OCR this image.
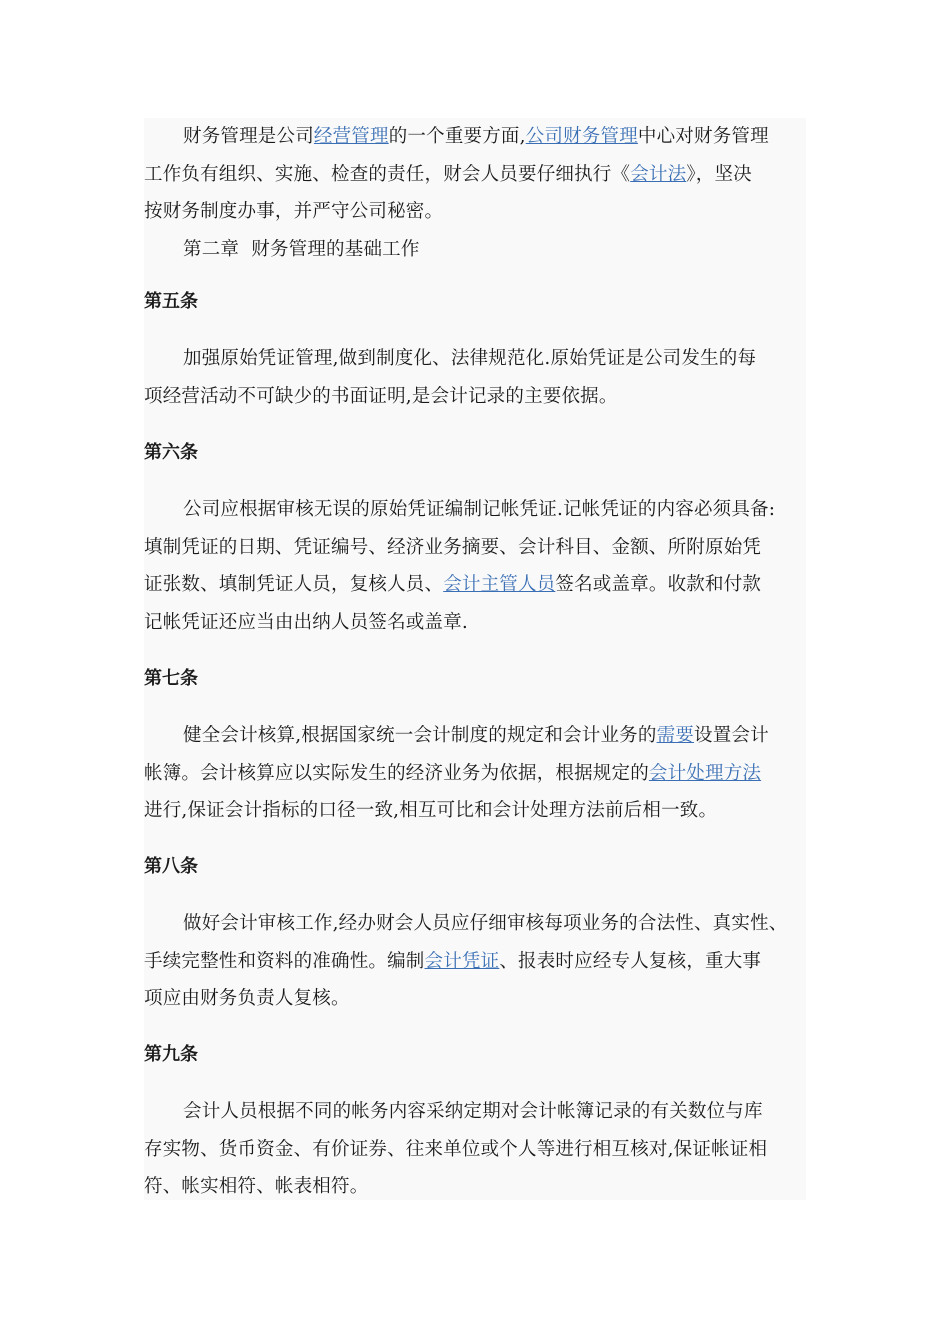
财务管理是公司经营管理的一个重要方面,公司财务管理中心对财务管理
工作负有组织、实施、检查的责任，财会人员要仔细执行《会计法》，坚决
按财务制度办事，并严守公司秘密。
第二章  财务管理的基础工作
第五条
加强原始凭证管理,做到制度化、法律规范化.原始凭证是公司发生的每
项经营活动不可缺少的书面证明,是会计记录的主要依据。
第六条
公司应根据审核无误的原始凭证编制记帐凭证.记帐凭证的内容必须具备:
填制凭证的日期、凭证编号、经济业务摘要、会计科目、金额、所附原始凭
证张数、填制凭证人员，复核人员、会计主管人员签名或盖章。收款和付款
记帐凭证还应当由出纳人员签名或盖章.
第七条
健全会计核算,根据国家统一会计制度的规定和会计业务的需要设置会计
帐簿。会计核算应以实际发生的经济业务为依据，根据规定的会计处理方法
进行,保证会计指标的口径一致,相互可比和会计处理方法前后相一致。
第八条
做好会计审核工作,经办财会人员应仔细审核每项业务的合法性、真实性、
手续完整性和资料的准确性。编制会计凭证、报表时应经专人复核，重大事
项应由财务负责人复核。
第九条
会计人员根据不同的帐务内容采纳定期对会计帐簿记录的有关数位与库
存实物、货币资金、有价证券、往来单位或个人等进行相互核对,保证帐证相
符、帐实相符、帐表相符。
